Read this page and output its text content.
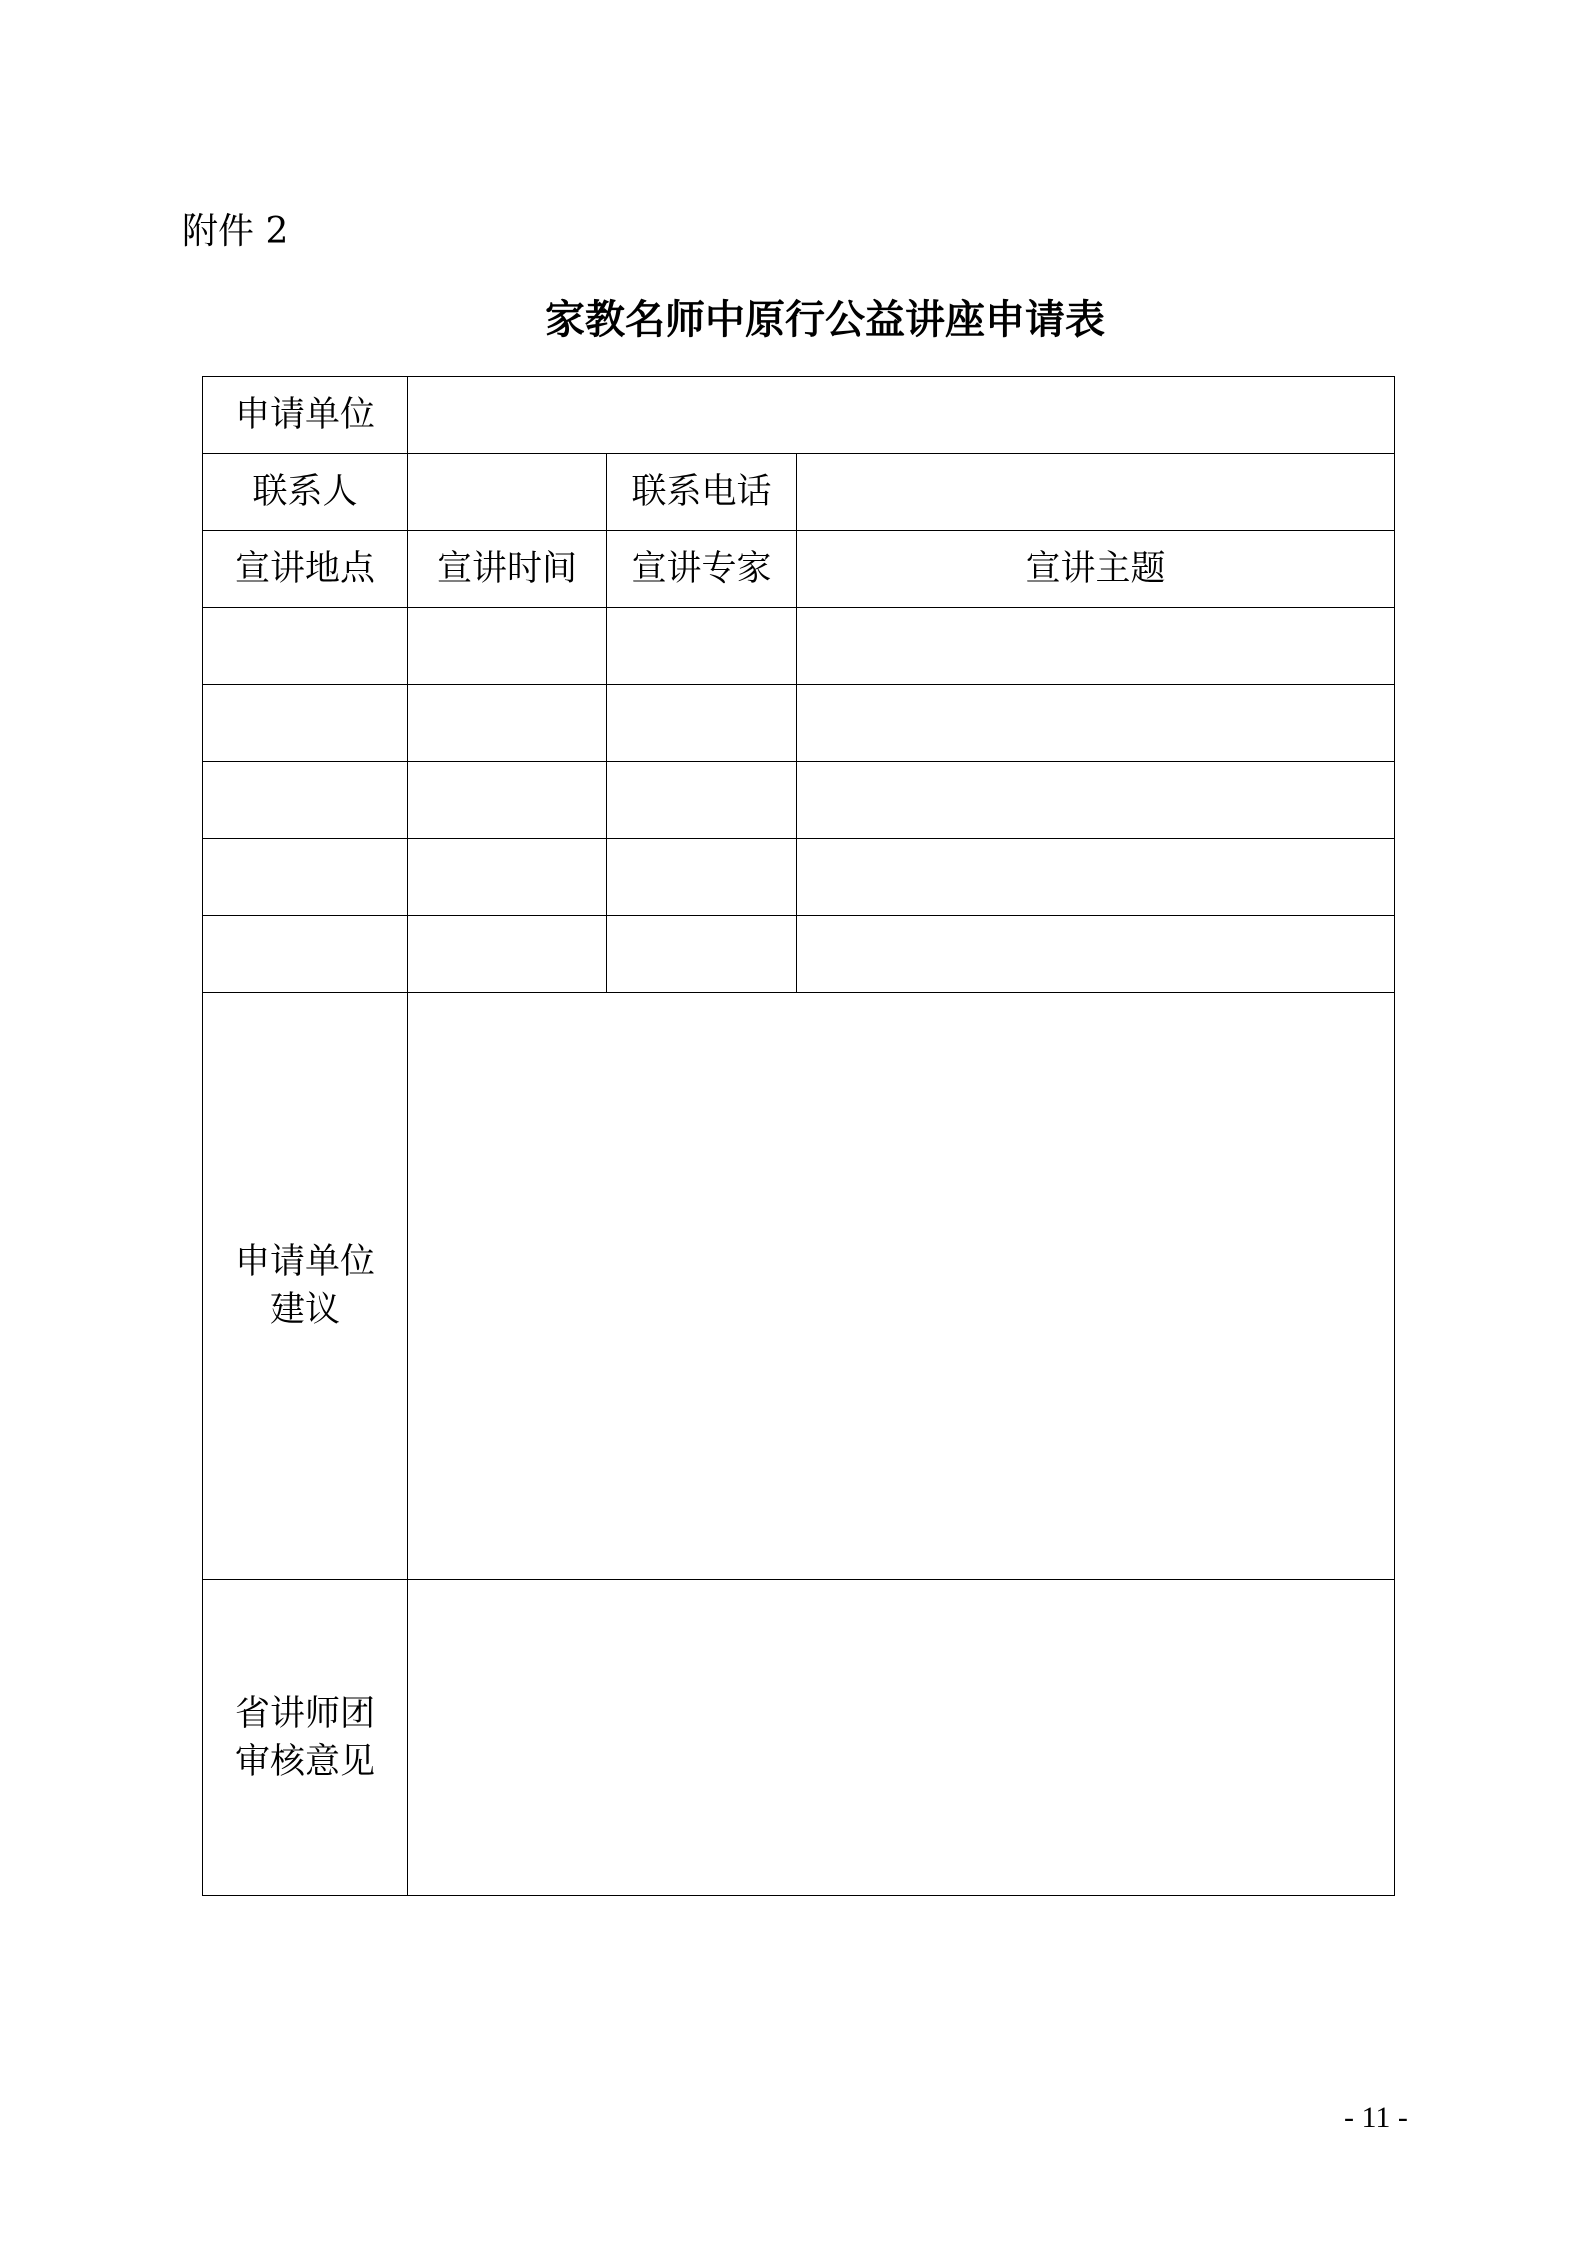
附件 2
家教名师中原行公益讲座申请表
申请单位			
联系人		联系电话	
宣讲地点	宣讲时间	宣讲专家	宣讲主题

申请单位建议			
省讲师团审核意见			
- 11 -
